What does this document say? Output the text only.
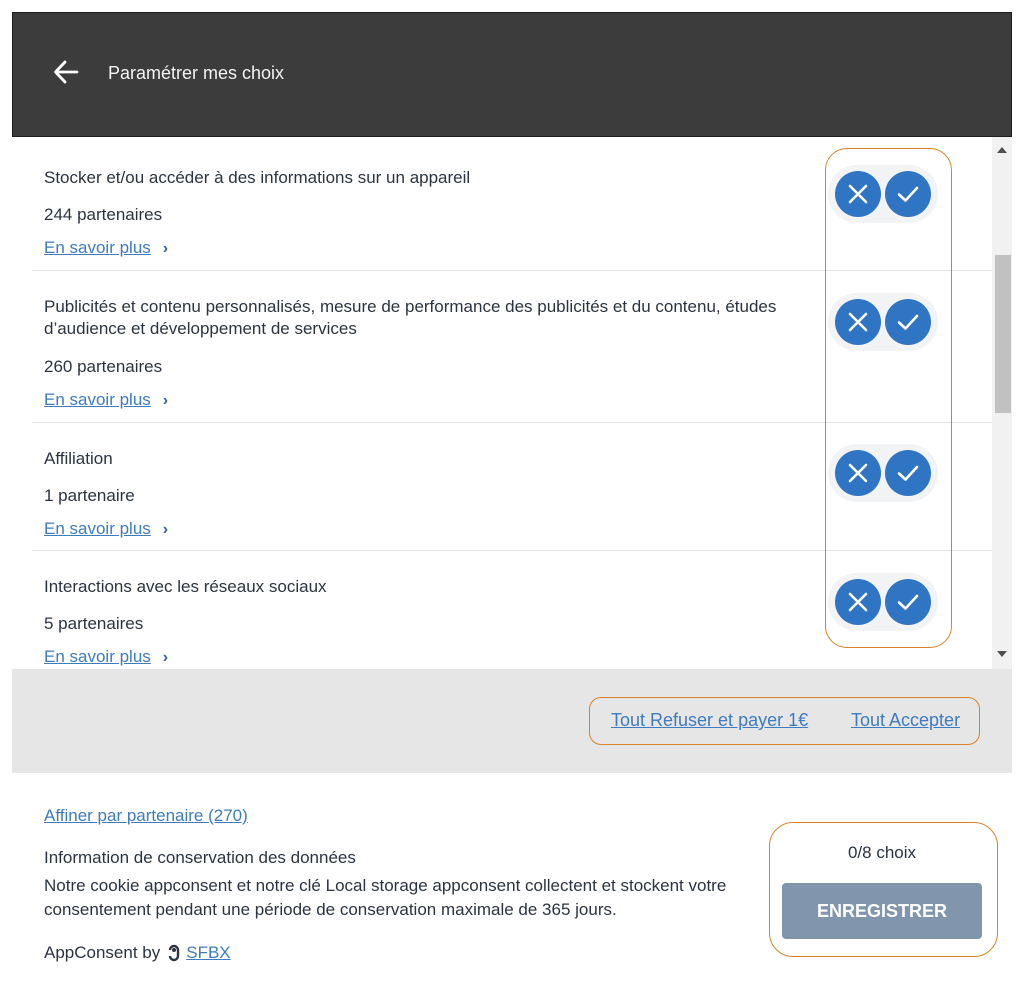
Paramétrer mes choix
Stocker et/ou accéder à des informations sur un appareil
244 partenaires
En savoir plus ›
Publicités et contenu personnalisés, mesure de performance des publicités et du contenu, études d’audience et développement de services
260 partenaires
En savoir plus ›
Affiliation
1 partenaire
En savoir plus ›
Interactions avec les réseaux sociaux
5 partenaires
En savoir plus ›
Tout Refuser et payer 1€ Tout Accepter
Affiner par partenaire (270)
Information de conservation des données
Notre cookie appconsent et notre clé Local storage appconsent collectent et stockent votre consentement pendant une période de conservation maximale de 365 jours.
AppConsent by SFBX
0/8 choix
ENREGISTRER
